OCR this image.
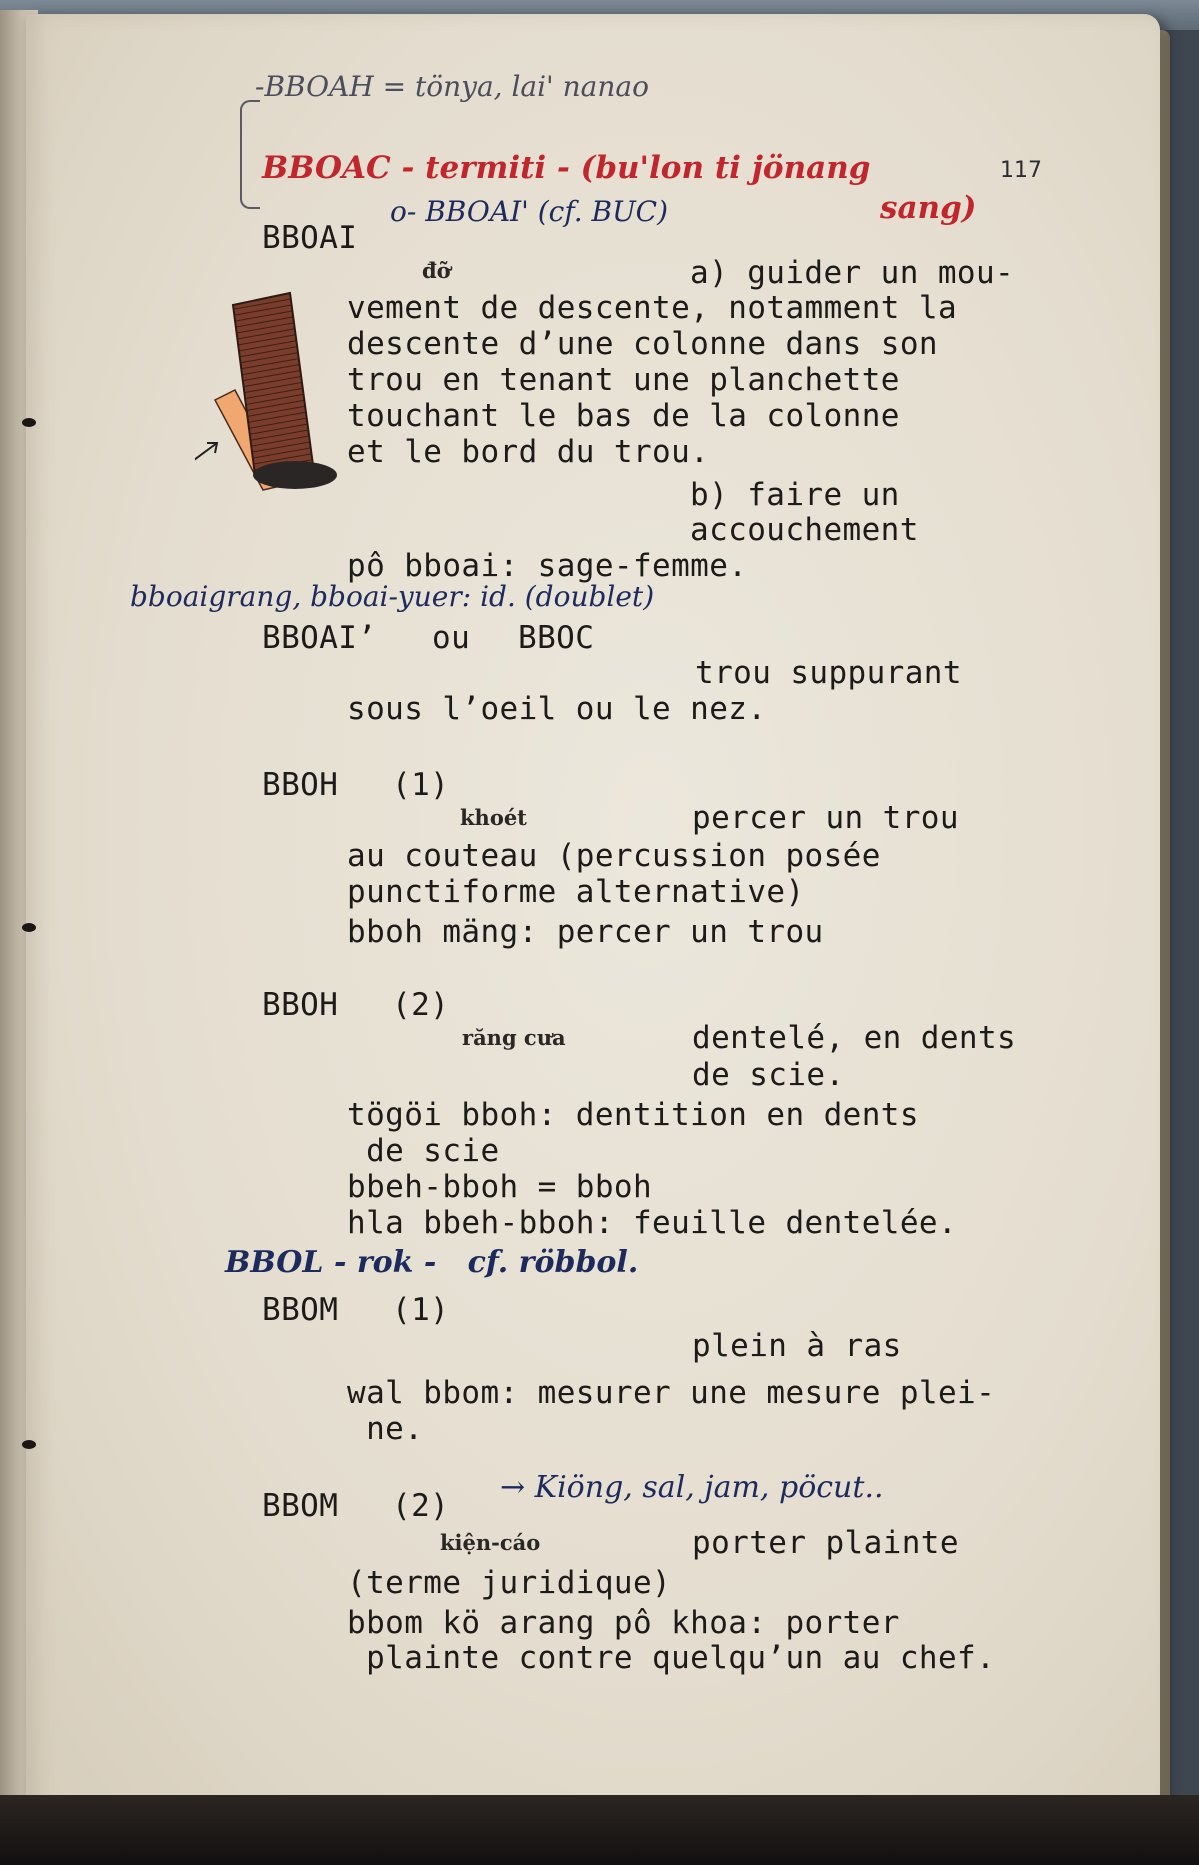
-BBOAH = tönya, lai' nanao
BBOAC - termiti - (bu'lon ti jönang
sang)
117
o- BBOAI' (cf. BUC)
BBOAI
đỡ	a) guider un mou-
vement de descente, notamment la
descente d’une colonne dans son
trou en tenant une planchette
touchant le bas de la colonne
et le bord du trou.
b) faire un
accouchement
pô bboai: sage-femme.
bboaigrang, bboai-yuer: id. (doublet)
BBOAI’ ou BBOC
trou suppurant
sous l’oeil ou le nez.
BBOH (1)
khoét	percer un trou
au couteau (percussion posée
punctiforme alternative)
bboh mäng: percer un trou
BBOH (2)
răng cưa	dentelé, en dents
de scie.
tögöi bboh: dentition en dents
de scie
bbeh-bboh = bboh
hla bbeh-bboh: feuille dentelée.
BBOL - rok -   cf. röbbol.
BBOM (1)
plein à ras
wal bbom: mesurer une mesure plei-
ne.
BBOM (2)
→ Kiöng, sal, jam, pöcut..
kiện-cáo	porter plainte
(terme juridique)
bbom kö arang pô khoa: porter
plainte contre quelqu’un au chef.
